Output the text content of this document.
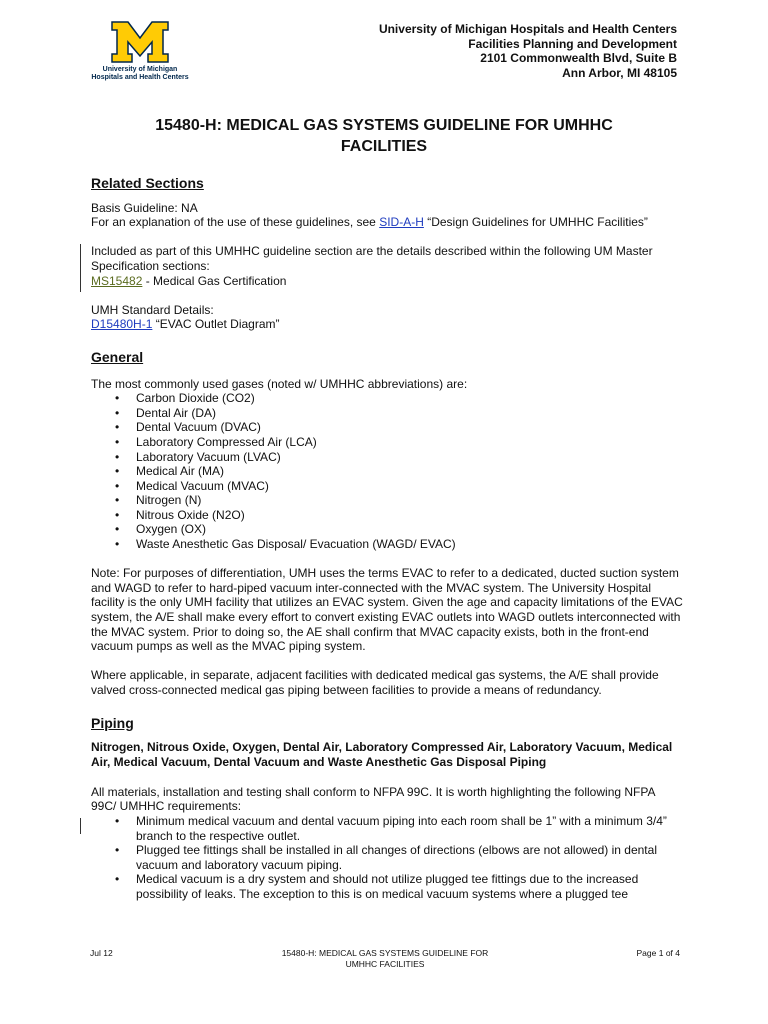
University of Michigan
Hospitals and Health Centers
University of Michigan Hospitals and Health Centers
Facilities Planning and Development
2101 Commonwealth Blvd, Suite B
Ann Arbor, MI 48105
15480-H: MEDICAL GAS SYSTEMS GUIDELINE FOR UMHHC
FACILITIES
Related Sections

Basis Guideline: NA

For an explanation of the use of these guidelines, see SID-A-H “Design Guidelines for UMHHC Facilities”

Included as part of this UMHHC guideline section are the details described within the following UM Master Specification sections:

MS15482 - Medical Gas Certification

UMH Standard Details:

D15480H-1 “EVAC Outlet Diagram”

General

The most commonly used gases (noted w/ UMHHC abbreviations) are:

• Carbon Dioxide (CO2)
• Dental Air (DA)
• Dental Vacuum (DVAC)
• Laboratory Compressed Air (LCA)
• Laboratory Vacuum (LVAC)
• Medical Air (MA)
• Medical Vacuum (MVAC)
• Nitrogen (N)
• Nitrous Oxide (N2O)
• Oxygen (OX)
• Waste Anesthetic Gas Disposal/ Evacuation (WAGD/ EVAC)

Note: For purposes of differentiation, UMH uses the terms EVAC to refer to a dedicated, ducted suction system and WAGD to refer to hard-piped vacuum inter-connected with the MVAC system. The University Hospital facility is the only UMH facility that utilizes an EVAC system. Given the age and capacity limitations of the EVAC system, the A/E shall make every effort to convert existing EVAC outlets into WAGD outlets interconnected with the MVAC system. Prior to doing so, the AE shall confirm that MVAC capacity exists, both in the front-end vacuum pumps as well as the MVAC piping system.

Where applicable, in separate, adjacent facilities with dedicated medical gas systems, the A/E shall provide valved cross-connected medical gas piping between facilities to provide a means of redundancy.

Piping

Nitrogen, Nitrous Oxide, Oxygen, Dental Air, Laboratory Compressed Air, Laboratory Vacuum, Medical Air, Medical Vacuum, Dental Vacuum and Waste Anesthetic Gas Disposal Piping

All materials, installation and testing shall conform to NFPA 99C. It is worth highlighting the following NFPA 99C/ UMHHC requirements:

• Minimum medical vacuum and dental vacuum piping into each room shall be 1” with a minimum 3/4” branch to the respective outlet.
• Plugged tee fittings shall be installed in all changes of directions (elbows are not allowed) in dental vacuum and laboratory vacuum piping.
• Medical vacuum is a dry system and should not utilize plugged tee fittings due to the increased possibility of leaks. The exception to this is on medical vacuum systems where a plugged tee
Jul 12	15480-H: MEDICAL GAS SYSTEMS GUIDELINE FOR
UMHHC FACILITIES
Page 1 of 4
